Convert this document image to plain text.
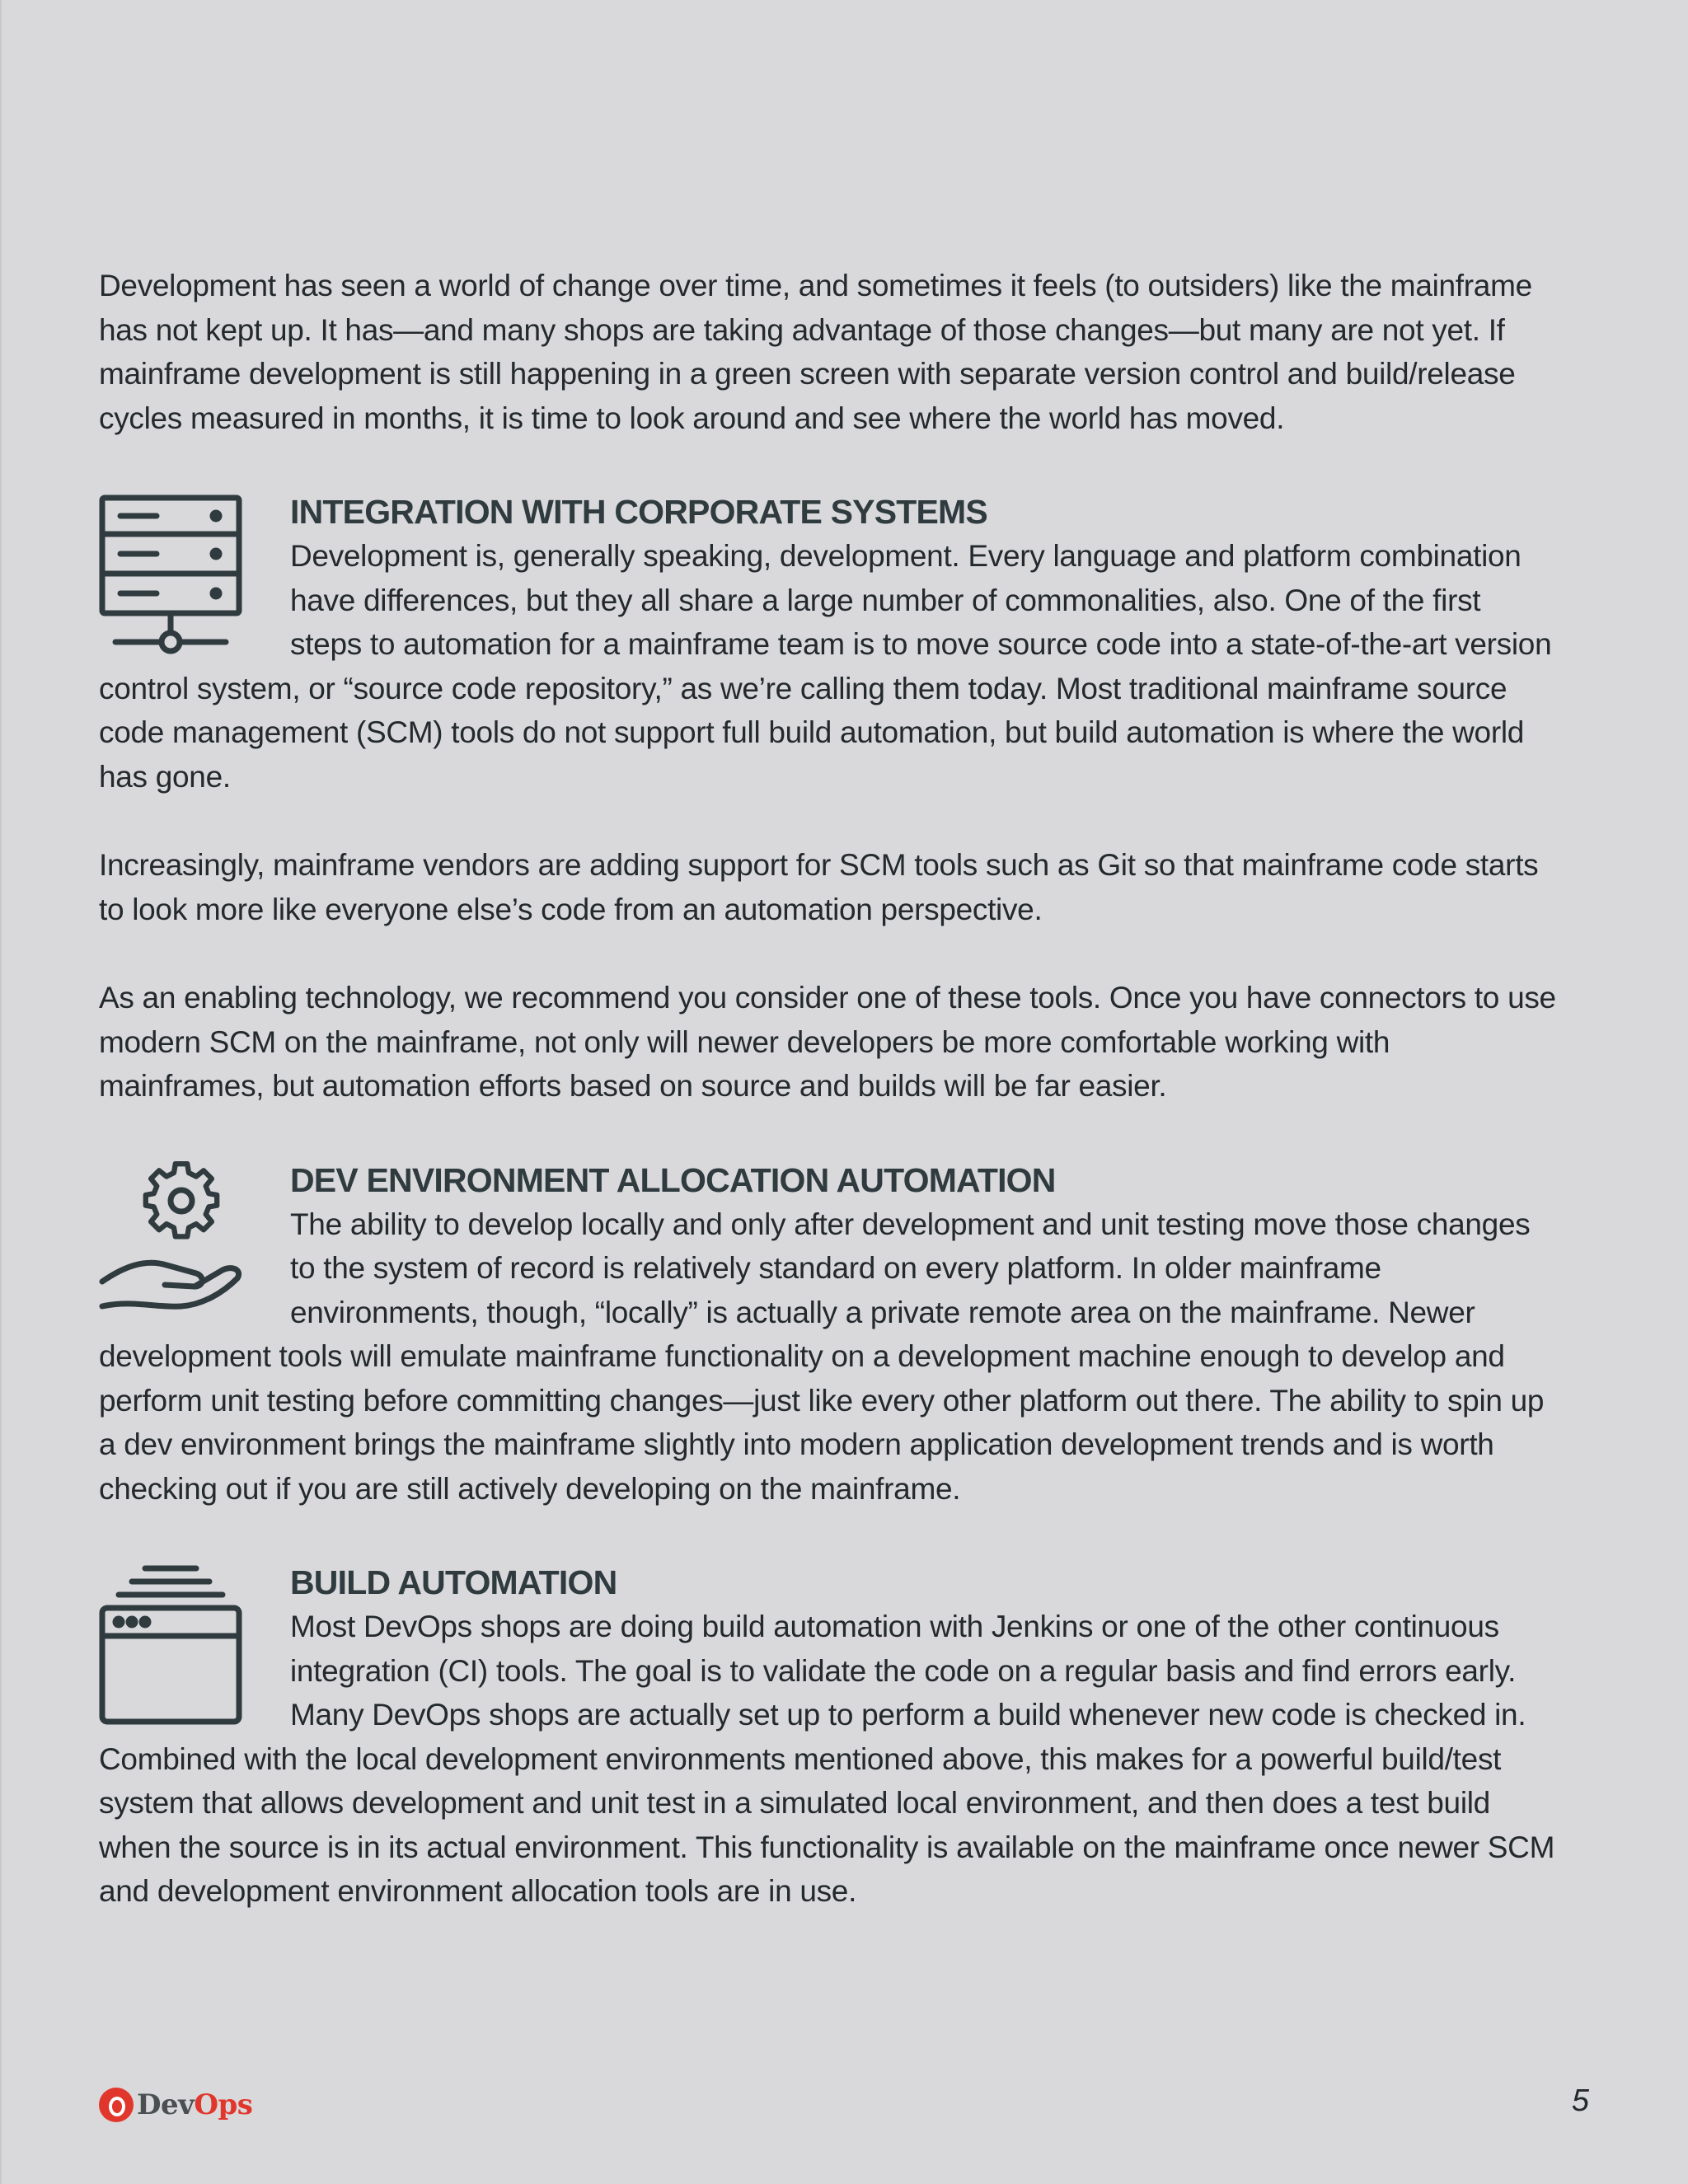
Development has seen a world of change over time, and sometimes it feels (to outsiders) like the mainframe has not kept up. It has—and many shops are taking advantage of those changes—but many are not yet. If mainframe development is still happening in a green screen with separate version control and build/release cycles measured in months, it is time to look around and see where the world has moved.

INTEGRATION WITH CORPORATE SYSTEMS

Development is, generally speaking, development. Every language and platform combination have differences, but they all share a large number of commonalities, also. One of the first steps to automation for a mainframe team is to move source code into a state-of-the-art version control system, or “source code repository,” as we’re calling them today. Most traditional mainframe source code management (SCM) tools do not support full build automation, but build automation is where the world has gone.

Increasingly, mainframe vendors are adding support for SCM tools such as Git so that mainframe code starts to look more like everyone else’s code from an automation perspective.

As an enabling technology, we recommend you consider one of these tools. Once you have connectors to use modern SCM on the mainframe, not only will newer developers be more comfortable working with mainframes, but automation efforts based on source and builds will be far easier.

DEV ENVIRONMENT ALLOCATION AUTOMATION

The ability to develop locally and only after development and unit testing move those changes to the system of record is relatively standard on every platform. In older mainframe environments, though, “locally” is actually a private remote area on the mainframe. Newer development tools will emulate mainframe functionality on a development machine enough to develop and perform unit testing before committing changes—just like every other platform out there. The ability to spin up a dev environment brings the mainframe slightly into modern application development trends and is worth checking out if you are still actively developing on the mainframe.

BUILD AUTOMATION

Most DevOps shops are doing build automation with Jenkins or one of the other continuous integration (CI) tools. The goal is to validate the code on a regular basis and find errors early. Many DevOps shops are actually set up to perform a build whenever new code is checked in. Combined with the local development environments mentioned above, this makes for a powerful build/test system that allows development and unit test in a simulated local environment, and then does a test build when the source is in its actual environment. This functionality is available on the mainframe once newer SCM and development environment allocation tools are in use.

DevOps	5
